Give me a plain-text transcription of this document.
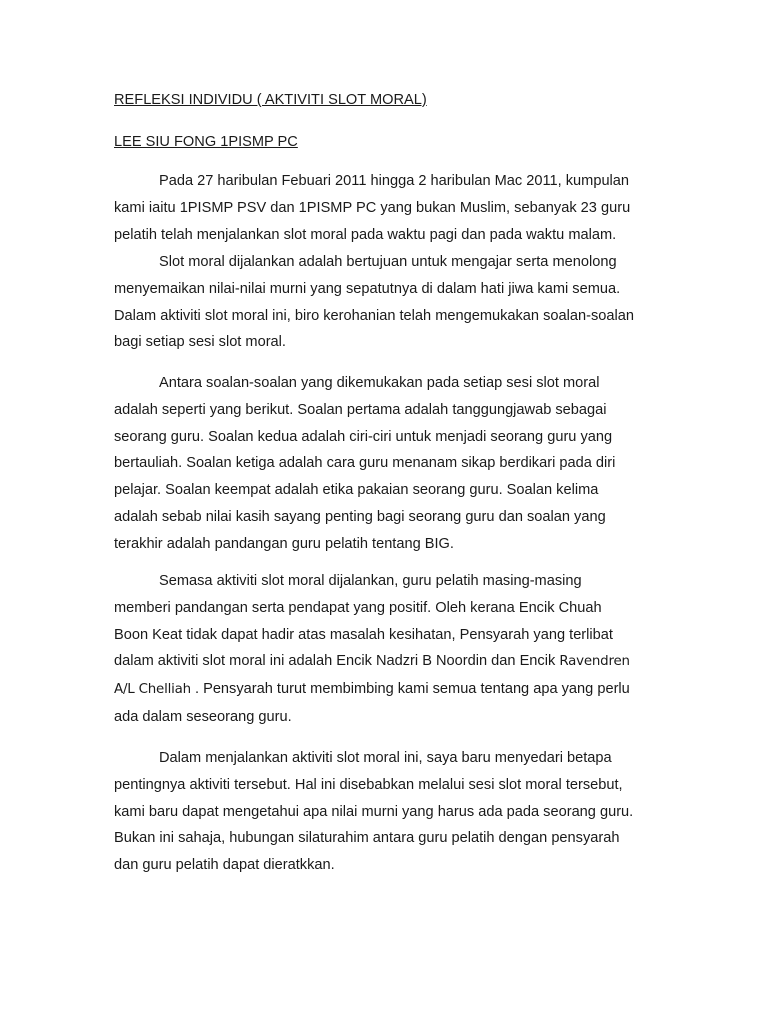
REFLEKSI INDIVIDU ( AKTIVITI SLOT MORAL)
LEE SIU FONG 1PISMP PC

Pada 27 haribulan Febuari 2011 hingga 2 haribulan Mac 2011, kumpulan
kami iaitu 1PISMP PSV dan 1PISMP PC yang bukan Muslim, sebanyak 23 guru
pelatih telah menjalankan slot moral pada waktu pagi dan pada waktu malam.

Slot moral dijalankan adalah bertujuan untuk mengajar serta menolong
menyemaikan nilai-nilai murni yang sepatutnya di dalam hati jiwa kami semua.
Dalam aktiviti slot moral ini, biro kerohanian telah mengemukakan soalan-soalan
bagi setiap sesi slot moral.

Antara soalan-soalan yang dikemukakan pada setiap sesi slot moral
adalah seperti yang berikut. Soalan pertama adalah tanggungjawab sebagai
seorang guru. Soalan kedua adalah ciri-ciri untuk menjadi seorang guru yang
bertauliah. Soalan ketiga adalah cara guru menanam sikap berdikari pada diri
pelajar. Soalan keempat adalah etika pakaian seorang guru. Soalan kelima
adalah sebab nilai kasih sayang penting bagi seorang guru dan soalan yang
terakhir adalah pandangan guru pelatih tentang BIG.

Semasa aktiviti slot moral dijalankan, guru pelatih masing-masing
memberi pandangan serta pendapat yang positif. Oleh kerana Encik Chuah
Boon Keat tidak dapat hadir atas masalah kesihatan, Pensyarah yang terlibat
dalam aktiviti slot moral ini adalah Encik Nadzri B Noordin dan Encik Ravendren
A/L Chelliah . Pensyarah turut membimbing kami semua tentang apa yang perlu
ada dalam seseorang guru.

Dalam menjalankan aktiviti slot moral ini, saya baru menyedari betapa
pentingnya aktiviti tersebut. Hal ini disebabkan melalui sesi slot moral tersebut,
kami baru dapat mengetahui apa nilai murni yang harus ada pada seorang guru.
Bukan ini sahaja, hubungan silaturahim antara guru pelatih dengan pensyarah
dan guru pelatih dapat dieratkkan.
